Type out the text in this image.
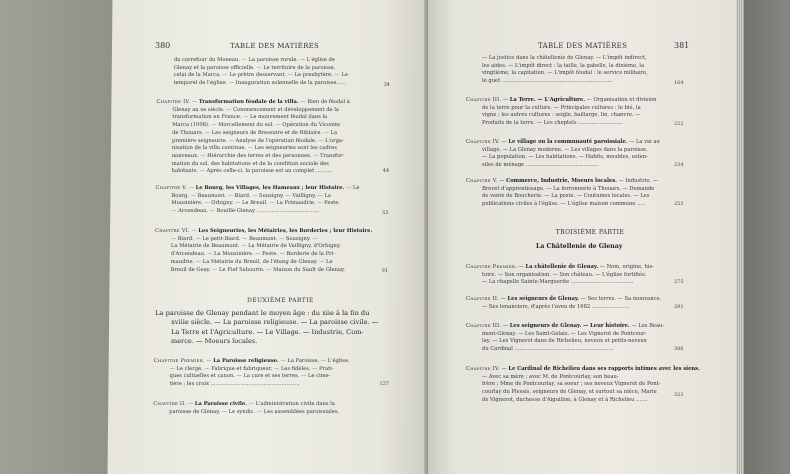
380	TABLE DES MATIÈRES
du carrefour du Moneau. — La paroisse rurale. — L'église de
Glenay et la paroisse officielle. — Le territoire de la paroisse,
celui de la Marca. — Le prêtre desservant. — Le presbytère. — Le
temporel de l'église. — Inauguration solennelle de la paroisse......	34
Chapitre IV. — Transformation féodale de la villa. — Rien de féodal à
Glenay au xe siècle. — Commencement et développement de la
transformation en France. — Le mouvement féodal dans la
Marca (1008). — Morcellement du sol. — Opération du Vicomte
de Thouars. — Les seigneurs de Bressuire et de Riblaire. — La
première seigneurie. — Analyse de l'opération féodale. — L'orga-
nisation de la villa continue. — Les seigneuries sont les cadres
nouveaux. — Hiérarchie des terres et des personnes. — Transfor-
mation du sol, des habitations et de la condition sociale des
habitants. — Après celle-ci, la paroisse est au complet ..........	44
Chapitre V. — Le Bourg, les Villages, les Hameaux ; leur Histoire. — Le
Bourg. — Beaumont. — Biard. — Sousigny. — Vailligny. — La
Mousinière. — Orbigny. — Le Breuil. — La Primaudrie. — Feste.
— Arcendeau. — Bouillé-Glenay ......................................	55
Chapitre VI. — Les Seigneuries, les Métairies, les Borderies ; leur Histoire.
— Biard. — Le petit-Biard. — Beaumont. — Sousigny. —
La Métairie de Beaumont. — La Métairie de Vailligny, d'Orbigny,
d'Arcendeau. — La Mousinière. — Feste. — Borderie de la Pri-
maudrie. — La Métairie du Breuil, de l'étang de Glenay. — Le
Breuil de Geay. — Le Fief Sabourin. — Maison du Sault de Glenay.	91
DEUXIÈME PARTIE
La paroisse de Glenay pendant le moyen âge : du xiie à la fin du
xviiie siècle. — La paroisse religieuse. — La paroisse civile. —
La Terre et l'Agriculture. — Le Village. — Industrie, Com-
merce. — Moeurs locales.
Chapitre Premier. — La Paroisse religieuse. — La Paroisse. — L'église.
— Le clergé. — Fabrique et fabriqueur. — Les fidèles. — Prati-
ques cultuelles et canon. — La cure et ses terres. — Le cime-
tière ; les croix ......................................................	127
Chapitre II. — La Paroisse civile. — L'administration civile dans la
paroisse de Glenay. — Le syndic. — Les assemblées paroissiales.
TABLE DES MATIÈRES	381
— La justice dans la châtellenie de Glenay. — L'impôt indirect,
les aides. — L'impôt direct : la taille, la gabelle, la dixième, la
vingtième, la capitation. — L'impôt féodal : le service militaire,
le guet ...................................................................	164
Chapitre III. — La Terre. — L'Agriculture. — Organisation et division
de la terre pour la culture. — Principales cultures : le blé, la
vigne ; les autres cultures : seigle, baillarge, lin, chanvre. —
Produits de la terre. — Les cheptels ...........................	222
Chapitre IV. — Le village ou la communauté paroissiale. — La vie au
village. — La Glenay moderne. — Les villages dans la paroisse.
— La population. — Les habitations. — Habits, meubles, usten-
siles de ménage ............................................	234
Chapitre V. — Commerce, Industrie, Moeurs locales. — Industrie. —
Brevet d'apprentissage. — La ferronnerie à Thouars. — Demande
de vente de Boucherie. — La poste. — Coutumes locales. — Les
publications civiles à l'église. — L'église maison commune .....	253
TROISIÈME PARTIE
La Châtellenie de Glenay
Chapitre Premier. — La châtellenie de Glenay. — Nom, origine, his-
toire. — Son organisation. — Son château. — L'église fortifiée.
— La chapelle Sainte-Marguerite ......................................	275
Chapitre II. — Les seigneurs de Glenay. — Ses terres. — Sa mouvance.
— Ses tenanciers, d'après l'aveu de 1682 .......................	291
Chapitre III. — Les seigneurs de Glenay. — Leur histoire. — Les Beau-
mont-Glenay. — Les Saint-Gelais. — Les Vignerot de Pontcour-
lay. — Les Vignerot dans de Richelieu, neveux et petits-neveux
du Cardinal ............................................................	306
Chapitre IV. — Le Cardinal de Richelieu dans ses rapports intimes avec les siens.
— Avec sa mère ; avec M. de Pontcourlay, son beau-
frère ; Mme de Pontcourlay, sa soeur ; ses neveux Vignerot de Pont-
courlay du Plessis, seigneurs de Glenay, et surtout sa nièce, Marie
de Vignerot, duchesse d'Aiguillon, à Glenay et à Richelieu .......
323
